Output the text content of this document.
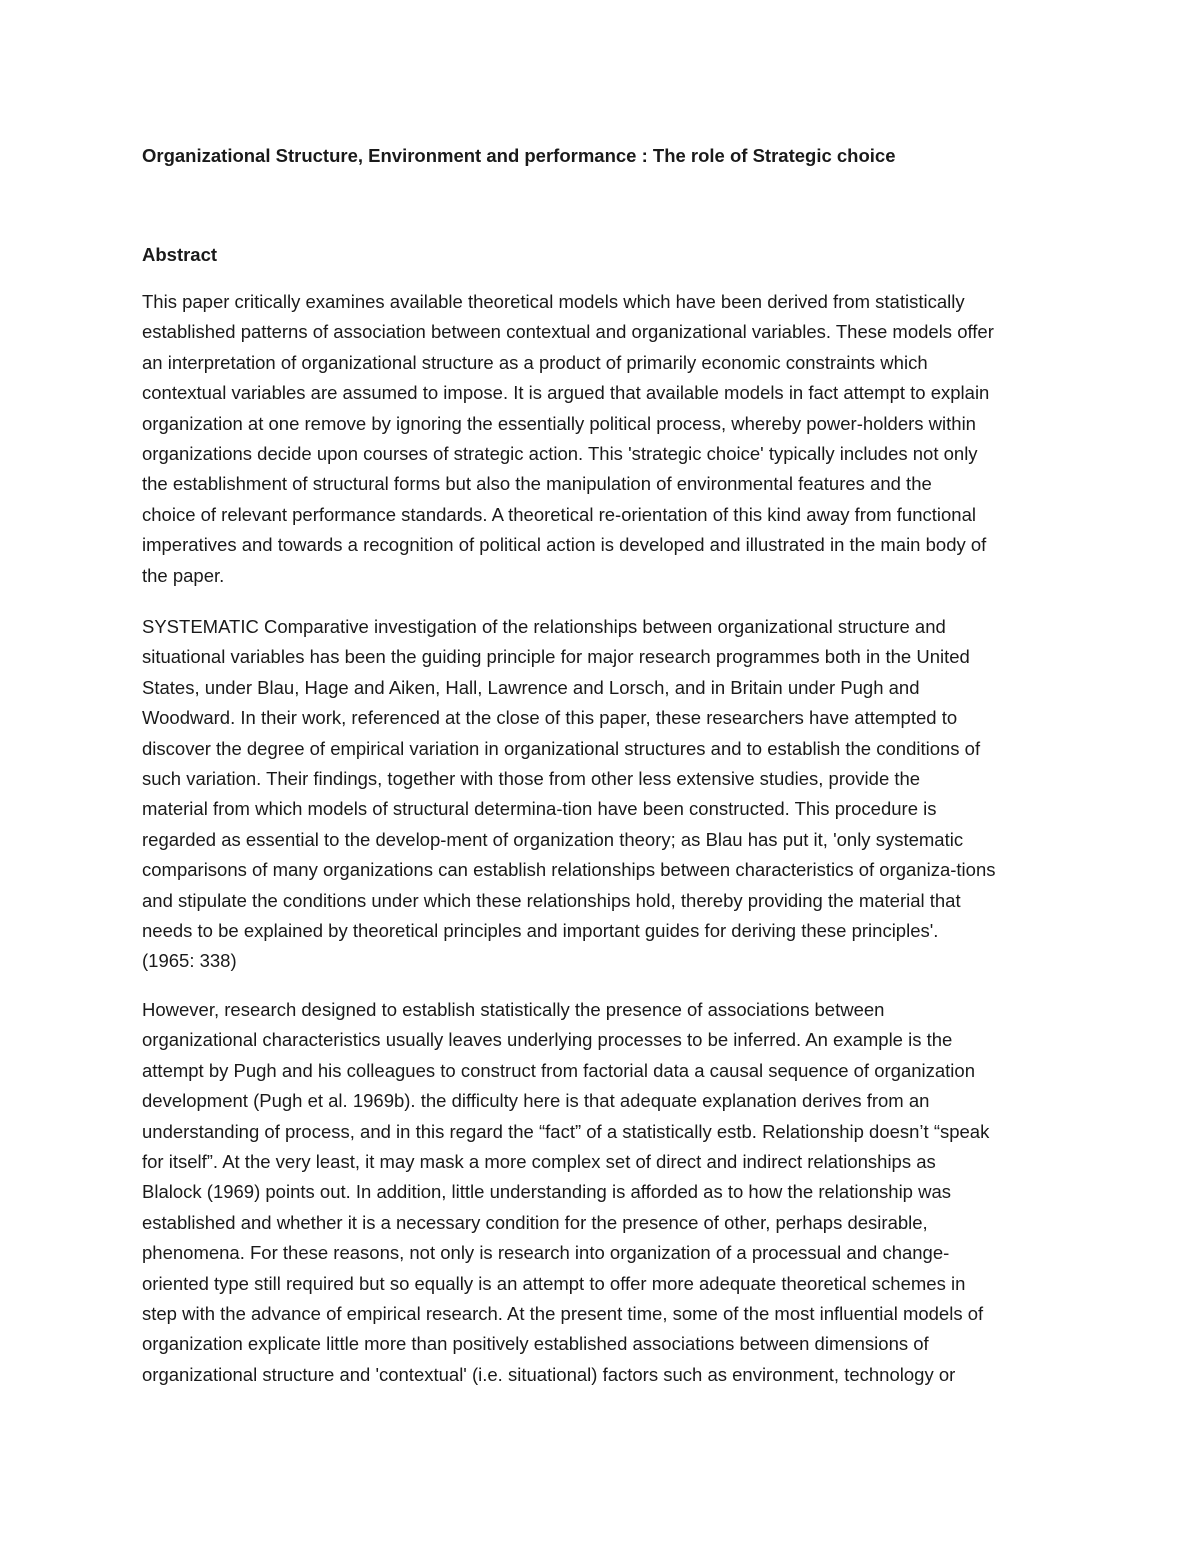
Organizational Structure, Environment and performance : The role of Strategic choice
Abstract

This paper critically examines available theoretical models which have been derived from statistically
established patterns of association between contextual and organizational variables. These models offer
an interpretation of organizational structure as a product of primarily economic constraints which
contextual variables are assumed to impose. It is argued that available models in fact attempt to explain
organization at one remove by ignoring the essentially political process, whereby power-holders within
organizations decide upon courses of strategic action. This 'strategic choice' typically includes not only
the establishment of structural forms but also the manipulation of environmental features and the
choice of relevant performance standards. A theoretical re-orientation of this kind away from functional
imperatives and towards a recognition of political action is developed and illustrated in the main body of
the paper.

SYSTEMATIC Comparative investigation of the relationships between organizational structure and
situational variables has been the guiding principle for major research programmes both in the United
States, under Blau, Hage and Aiken, Hall, Lawrence and Lorsch, and in Britain under Pugh and
Woodward. In their work, referenced at the close of this paper, these researchers have attempted to
discover the degree of empirical variation in organizational structures and to establish the conditions of
such variation. Their findings, together with those from other less extensive studies, provide the
material from which models of structural determina-tion have been constructed. This procedure is
regarded as essential to the develop-ment of organization theory; as Blau has put it, 'only systematic
comparisons of many organizations can establish relationships between characteristics of organiza-tions
and stipulate the conditions under which these relationships hold, thereby providing the material that
needs to be explained by theoretical principles and important guides for deriving these principles'.
(1965: 338)

However, research designed to establish statistically the presence of associations between
organizational characteristics usually leaves underlying processes to be inferred. An example is the
attempt by Pugh and his colleagues to construct from factorial data a causal sequence of organization
development (Pugh et al. 1969b). the difficulty here is that adequate explanation derives from an
understanding of process, and in this regard the “fact” of a statistically estb. Relationship doesn’t “speak
for itself”. At the very least, it may mask a more complex set of direct and indirect relationships as
Blalock (1969) points out. In addition, little understanding is afforded as to how the relationship was
established and whether it is a necessary condition for the presence of other, perhaps desirable,
phenomena. For these reasons, not only is research into organization of a processual and change-
oriented type still required but so equally is an attempt to offer more adequate theoretical schemes in
step with the advance of empirical research. At the present time, some of the most influential models of
organization explicate little more than positively established associations between dimensions of
organizational structure and 'contextual' (i.e. situational) factors such as environment, technology or
